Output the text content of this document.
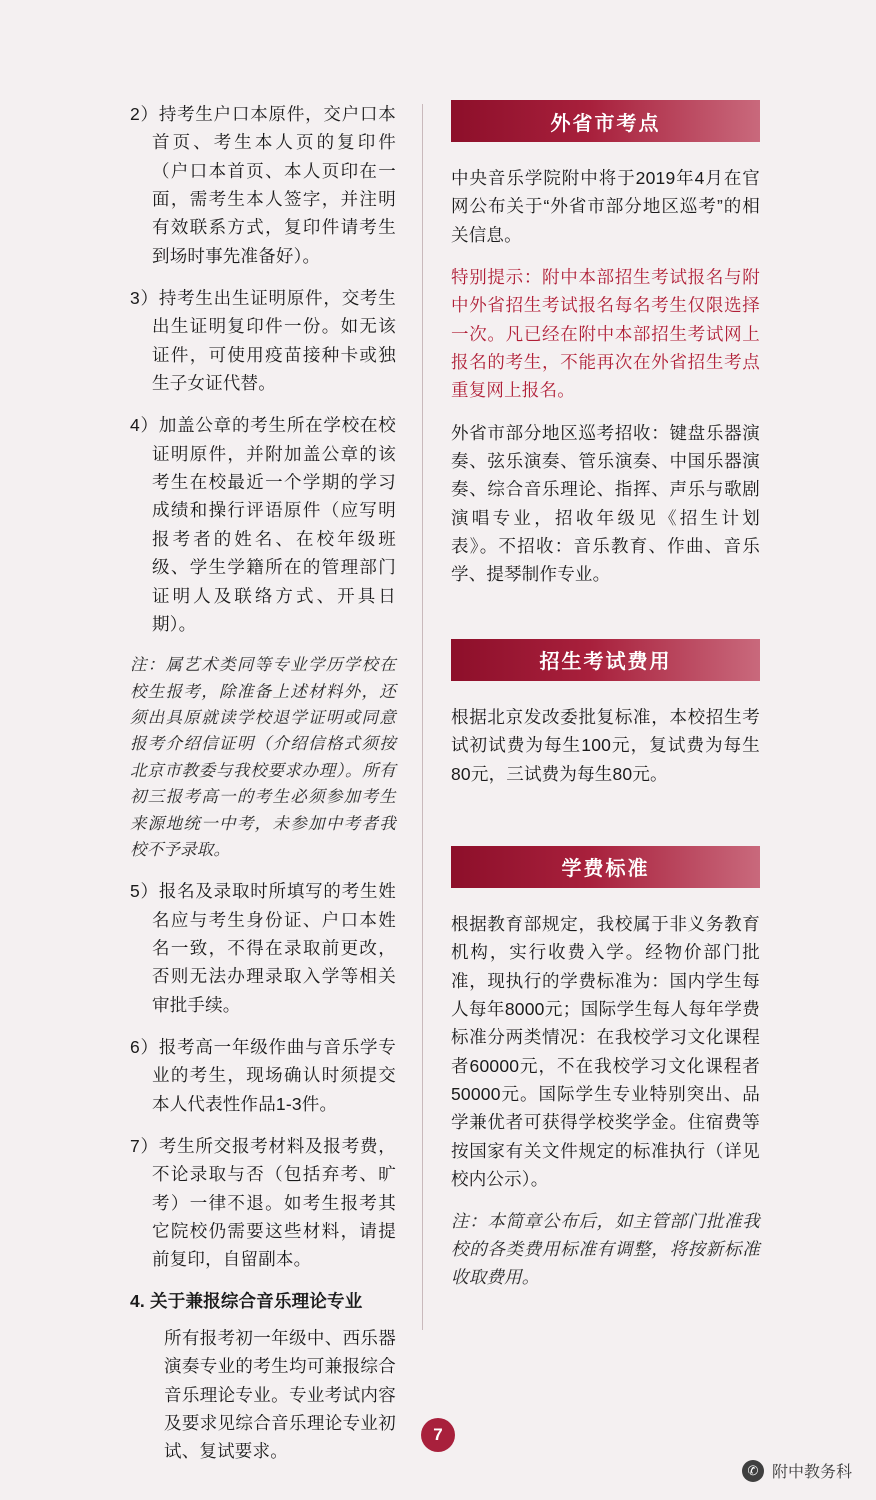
2）持考生户口本原件，交户口本首页、考生本人页的复印件（户口本首页、本人页印在一面，需考生本人签字，并注明有效联系方式，复印件请考生到场时事先准备好）。

3）持考生出生证明原件，交考生出生证明复印件一份。如无该证件，可使用疫苗接种卡或独生子女证代替。

4）加盖公章的考生所在学校在校证明原件，并附加盖公章的该考生在校最近一个学期的学习成绩和操行评语原件（应写明报考者的姓名、在校年级班级、学生学籍所在的管理部门证明人及联络方式、开具日期）。

注：属艺术类同等专业学历学校在校生报考，除准备上述材料外，还须出具原就读学校退学证明或同意报考介绍信证明（介绍信格式须按北京市教委与我校要求办理）。所有初三报考高一的考生必须参加考生来源地统一中考，未参加中考者我校不予录取。

5）报名及录取时所填写的考生姓名应与考生身份证、户口本姓名一致，不得在录取前更改，否则无法办理录取入学等相关审批手续。

6）报考高一年级作曲与音乐学专业的考生，现场确认时须提交本人代表性作品1-3件。

7）考生所交报考材料及报考费，不论录取与否（包括弃考、旷考）一律不退。如考生报考其它院校仍需要这些材料，请提前复印，自留副本。

4. 关于兼报综合音乐理论专业

所有报考初一年级中、西乐器演奏专业的考生均可兼报综合音乐理论专业。专业考试内容及要求见综合音乐理论专业初试、复试要求。

外省市考点

中央音乐学院附中将于2019年4月在官网公布关于“外省市部分地区巡考”的相关信息。

特别提示：附中本部招生考试报名与附中外省招生考试报名每名考生仅限选择一次。凡已经在附中本部招生考试网上报名的考生，不能再次在外省招生考点重复网上报名。

外省市部分地区巡考招收：键盘乐器演奏、弦乐演奏、管乐演奏、中国乐器演奏、综合音乐理论、指挥、声乐与歌剧演唱专业，招收年级见《招生计划表》。不招收：音乐教育、作曲、音乐学、提琴制作专业。

招生考试费用

根据北京发改委批复标准，本校招生考试初试费为每生100元，复试费为每生80元，三试费为每生80元。

学费标准

根据教育部规定，我校属于非义务教育机构，实行收费入学。经物价部门批准，现执行的学费标准为：国内学生每人每年8000元；国际学生每人每年学费标准分两类情况：在我校学习文化课程者60000元，不在我校学习文化课程者50000元。国际学生专业特别突出、品学兼优者可获得学校奖学金。住宿费等按国家有关文件规定的标准执行（详见校内公示）。

注：本简章公布后，如主管部门批准我校的各类费用标准有调整，将按新标准收取费用。

7
✆ 附中教务科
